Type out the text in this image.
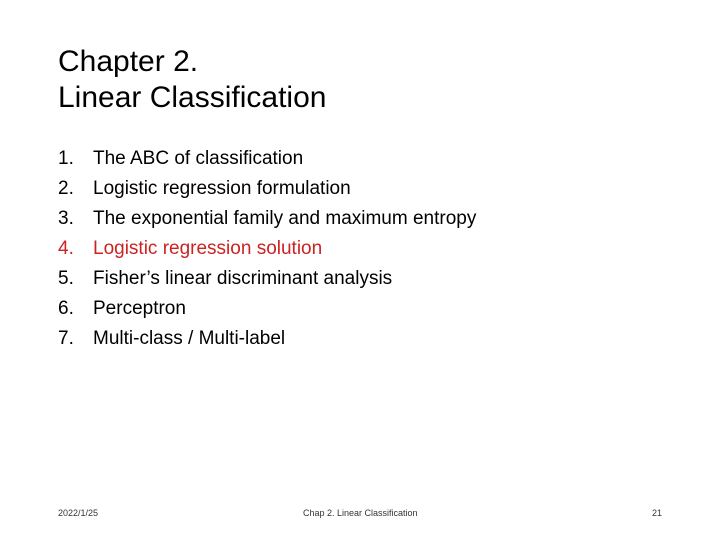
Chapter 2.
Linear Classification
1.	The ABC of classification
2.	Logistic regression formulation
3.	The exponential family and maximum entropy
4.	Logistic regression solution
5.	Fisher’s linear discriminant analysis
6.	Perceptron
7.	Multi-class / Multi-label
2022/1/25	Chap 2. Linear Classification	21
